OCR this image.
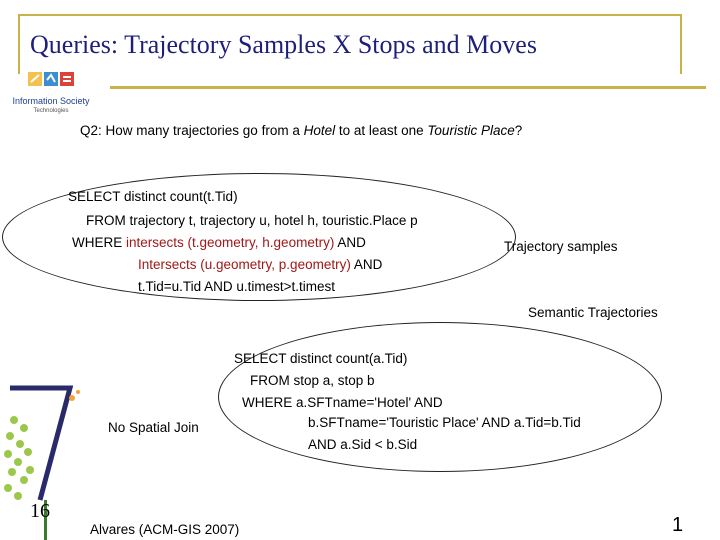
Queries: Trajectory Samples X Stops and Moves
Information Society
Technologies
Q2: How many trajectories go from a Hotel to at least one Touristic Place?
SELECT distinct count(t.Tid)
FROM trajectory t, trajectory u, hotel h, touristic.Place p
WHERE intersects (t.geometry, h.geometry) AND
Intersects (u.geometry, p.geometry) AND
t.Tid=u.Tid AND u.timest>t.timest
Trajectory samples
Semantic Trajectories
SELECT distinct count(a.Tid)
FROM stop a, stop b
WHERE a.SFTname='Hotel' AND
b.SFTname='Touristic Place' AND a.Tid=b.Tid
AND a.Sid < b.Sid
No Spatial Join
16
Alvares (ACM-GIS 2007)	1
